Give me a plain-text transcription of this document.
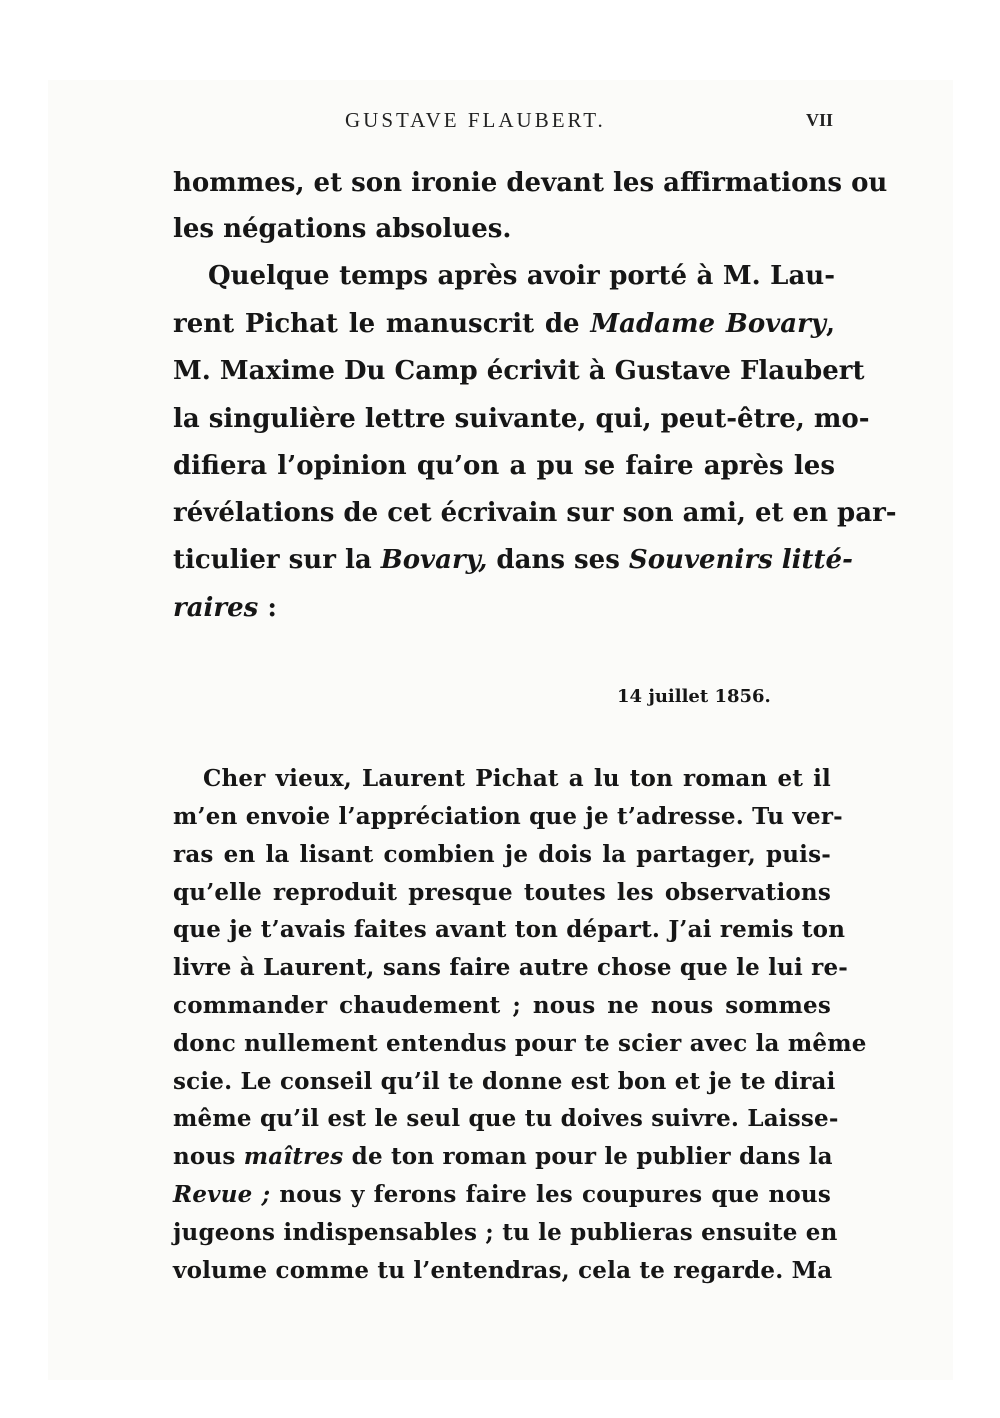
GUSTAVE FLAUBERT.	VII
hommes, et son ironie devant les affirmations ou
les négations absolues.
Quelque temps après avoir porté à M. Lau-
rent Pichat le manuscrit de Madame Bovary,
M. Maxime Du Camp écrivit à Gustave Flaubert
la singulière lettre suivante, qui, peut-être, mo-
difiera l’opinion qu’on a pu se faire après les
révélations de cet écrivain sur son ami, et en par-
ticulier sur la Bovary, dans ses Souvenirs litté-
raires :
14 juillet 1856.
Cher vieux, Laurent Pichat a lu ton roman et il
m’en envoie l’appréciation que je t’adresse. Tu ver-
ras en la lisant combien je dois la partager, puis-
qu’elle reproduit presque toutes les observations
que je t’avais faites avant ton départ. J’ai remis ton
livre à Laurent, sans faire autre chose que le lui re-
commander chaudement ; nous ne nous sommes
donc nullement entendus pour te scier avec la même
scie. Le conseil qu’il te donne est bon et je te dirai
même qu’il est le seul que tu doives suivre. Laisse-
nous maîtres de ton roman pour le publier dans la
Revue ; nous y ferons faire les coupures que nous
jugeons indispensables ; tu le publieras ensuite en
volume comme tu l’entendras, cela te regarde. Ma
